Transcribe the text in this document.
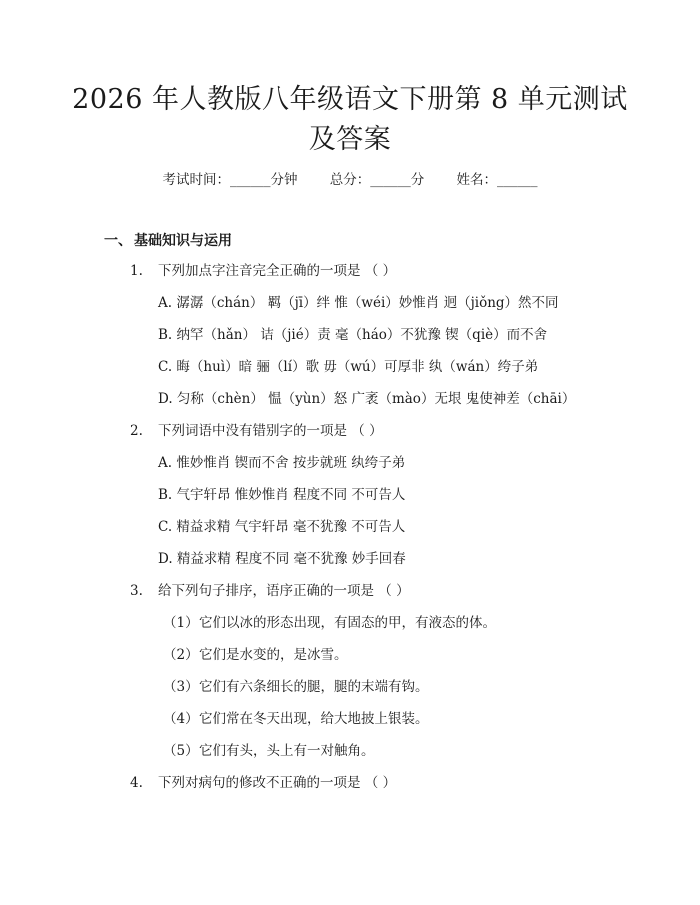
2026 年人教版八年级语文下册第 8 单元测试
及答案
考试时间：______分钟 总分：______分 姓名：______
一、 基础知识与运用
1. 下列加点字注音完全正确的一项是 （ ）
A. 潺潺（chán） 羁（jī）绊 惟（wéi）妙惟肖 迥（jiǒng）然不同
B. 纳罕（hǎn） 诘（jié）责 毫（háo）不犹豫 锲（qiè）而不舍
C. 晦（huì）暗 骊（lí）歌 毋（wú）可厚非 纨（wán）绔子弟
D. 匀称（chèn） 愠（yùn）怒 广袤（mào）无垠 鬼使神差（chāi）
2. 下列词语中没有错别字的一项是 （ ）
A. 惟妙惟肖 锲而不舍 按步就班 纨绔子弟
B. 气宇轩昂 惟妙惟肖 程度不同 不可告人
C. 精益求精 气宇轩昂 毫不犹豫 不可告人
D. 精益求精 程度不同 毫不犹豫 妙手回春
3. 给下列句子排序，语序正确的一项是 （ ）
（1）它们以冰的形态出现，有固态的甲，有液态的体。
（2）它们是水变的，是冰雪。
（3）它们有六条细长的腿，腿的末端有钩。
（4）它们常在冬天出现，给大地披上银装。
（5）它们有头，头上有一对触角。
4. 下列对病句的修改不正确的一项是 （ ）
